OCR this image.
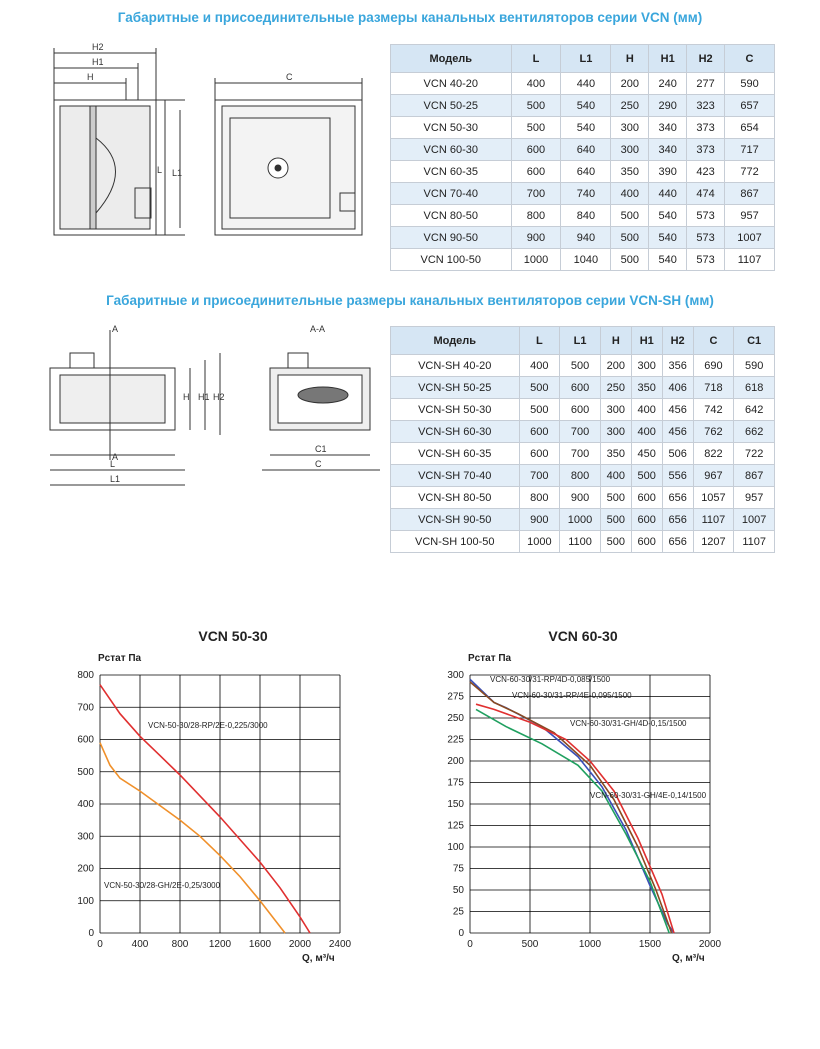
Габаритные и присоединительные размеры канальных вентиляторов серии VCN (мм)
H2
H1
H
L L1
C
Модель	L	L1	H	H1	H2	C
VCN 40-20	400	440	200	240	277	590
VCN 50-25	500	540	250	290	323	657
VCN 50-30	500	540	300	340	373	654
VCN 60-30	600	640	300	340	373	717
VCN 60-35	600	640	350	390	423	772
VCN 70-40	700	740	400	440	474	867
VCN 80-50	800	840	500	540	573	957
VCN 90-50	900	940	500	540	573	1007
VCN 100-50	1000	1040	500	540	573	1107
Габаритные и присоединительные размеры канальных вентиляторов серии VCN-SH (мм)
A
A
A-A
L
L1
H H1 H2
C1
C
Модель	L	L1	H	H1	H2	C	C1
VCN-SH 40-20	400	500	200	300	356	690	590
VCN-SH 50-25	500	600	250	350	406	718	618
VCN-SH 50-30	500	600	300	400	456	742	642
VCN-SH 60-30	600	700	300	400	456	762	662
VCN-SH 60-35	600	700	350	450	506	822	722
VCN-SH 70-40	700	800	400	500	556	967	867
VCN-SH 80-50	800	900	500	600	656	1057	957
VCN-SH 90-50	900	1000	500	600	656	1107	1007
VCN-SH 100-50	1000	1100	500	600	656	1207	1107
VCN 50-30	VCN 60-30
0	400 800 1200 1600 2000 2400
0
100
200
300
400
500
600
700
800
VCN-50-30/28-RP/2E-0,225/3000
VCN-50-30/28-GH/2E-0,25/3000
Pстат Па
Q, м³/ч
0	500	1000	1500	2000
0
25
50
75
100
125
150
175
200
225
250
275
300	VCN-60-30/31-RP/4D-0,085/1500
VCN-60-30/31-RP/4E-0,095/1500
VCN-60-30/31-GH/4D-0,15/1500
VCN-60-30/31-GH/4E-0,14/1500
Pстат Па
Q, м³/ч
